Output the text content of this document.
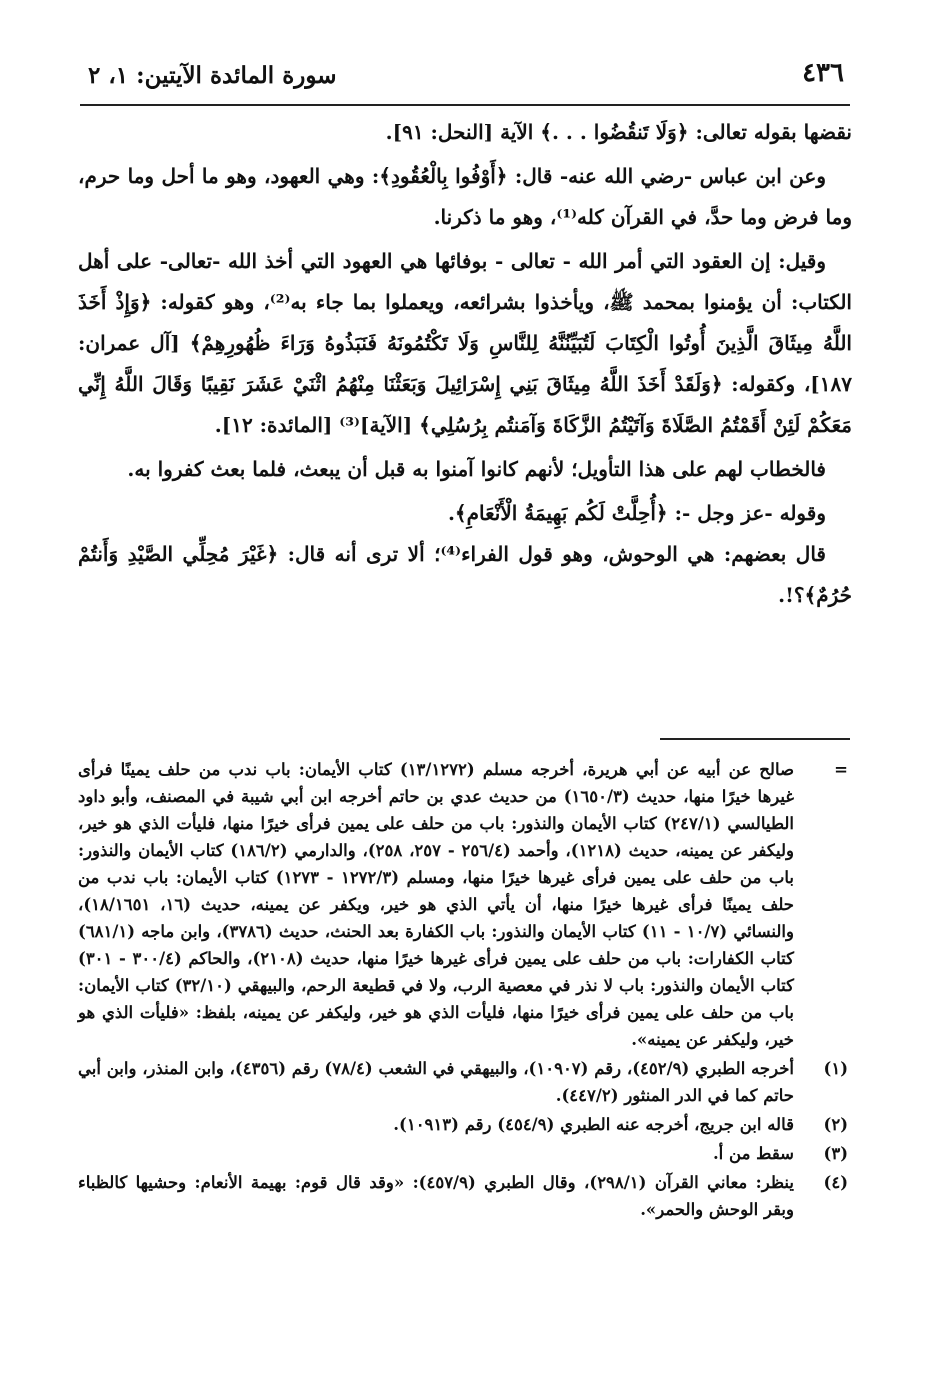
٤٣٦
سورة المائدة الآيتين: ١، ٢

نقضها بقوله تعالى: ﴿وَلَا تَنقُضُوا . . .﴾ الآية [النحل: ٩١].

وعن ابن عباس -رضي الله عنه- قال: ﴿أَوْفُوا بِالْعُقُودِ﴾: وهي العهود، وهو ما أحل وما حرم، وما فرض وما حدَّ، في القرآن كله⁽¹⁾، وهو ما ذكرنا.

وقيل: إن العقود التي أمر الله - تعالى - بوفائها هي العهود التي أخذ الله -تعالى- على أهل الكتاب: أن يؤمنوا بمحمد ﷺ، ويأخذوا بشرائعه، ويعملوا بما جاء به⁽²⁾، وهو كقوله: ﴿وَإِذْ أَخَذَ اللَّهُ مِيثَاقَ الَّذِينَ أُوتُوا الْكِتَابَ لَتُبَيِّنُنَّهُ لِلنَّاسِ وَلَا تَكْتُمُونَهُ فَنَبَذُوهُ وَرَاءَ ظُهُورِهِمْ﴾ [آل عمران: ١٨٧]، وكقوله: ﴿وَلَقَدْ أَخَذَ اللَّهُ مِيثَاقَ بَنِي إِسْرَائِيلَ وَبَعَثْنَا مِنْهُمُ اثْنَيْ عَشَرَ نَقِيبًا وَقَالَ اللَّهُ إِنِّي مَعَكُمْ لَئِنْ أَقَمْتُمُ الصَّلَاةَ وَآتَيْتُمُ الزَّكَاةَ وَآمَنتُم بِرُسُلِي﴾ [الآية]⁽³⁾ [المائدة: ١٢].

فالخطاب لهم على هذا التأويل؛ لأنهم كانوا آمنوا به قبل أن يبعث، فلما بعث كفروا به.

وقوله -عز وجل -: ﴿أُحِلَّتْ لَكُم بَهِيمَةُ الْأَنْعَامِ﴾.

قال بعضهم: هي الوحوش، وهو قول الفراء⁽⁴⁾؛ ألا ترى أنه قال: ﴿غَيْرَ مُحِلِّي الصَّيْدِ وَأَنتُمْ حُرُمٌ﴾؟!.

=
صالح عن أبيه عن أبي هريرة، أخرجه مسلم (١٣/١٢٧٢) كتاب الأيمان: باب ندب من حلف يمينًا فرأى غيرها خيرًا منها، حديث (١٦٥٠/٣) من حديث عدي بن حاتم أخرجه ابن أبي شيبة في المصنف، وأبو داود الطيالسي (٢٤٧/١) كتاب الأيمان والنذور: باب من حلف على يمين فرأى خيرًا منها، فليأت الذي هو خير، وليكفر عن يمينه، حديث (١٢١٨)، وأحمد (٢٥٦/٤ - ٢٥٧، ٢٥٨)، والدارمي (١٨٦/٢) كتاب الأيمان والنذور: باب من حلف على يمين فرأى غيرها خيرًا منها، ومسلم (١٢٧٢/٣ - ١٢٧٣) كتاب الأيمان: باب ندب من حلف يمينًا فرأى غيرها خيرًا منها، أن يأتي الذي هو خير، ويكفر عن يمينه، حديث (١٦، ١٨/١٦٥١)، والنسائي (١٠/٧ - ١١) كتاب الأيمان والنذور: باب الكفارة بعد الحنث، حديث (٣٧٨٦)، وابن ماجه (٦٨١/١) كتاب الكفارات: باب من حلف على يمين فرأى غيرها خيرًا منها، حديث (٢١٠٨)، والحاكم (٣٠٠/٤ - ٣٠١) كتاب الأيمان والنذور: باب لا نذر في معصية الرب، ولا في قطيعة الرحم، والبيهقي (٣٢/١٠) كتاب الأيمان: باب من حلف على يمين فرأى خيرًا منها، فليأت الذي هو خير، وليكفر عن يمينه، بلفظ: «فليأت الذي هو خير، وليكفر عن يمينه».
(١)
أخرجه الطبري (٤٥٢/٩)، رقم (١٠٩٠٧)، والبيهقي في الشعب (٧٨/٤) رقم (٤٣٥٦)، وابن المنذر، وابن أبي حاتم كما في الدر المنثور (٤٤٧/٢).
(٢)
قاله ابن جريج، أخرجه عنه الطبري (٤٥٤/٩) رقم (١٠٩١٣).
(٣)
سقط من أ.
(٤)
ينظر: معاني القرآن (٢٩٨/١)، وقال الطبري (٤٥٧/٩): «وقد قال قوم: بهيمة الأنعام: وحشيها كالظباء وبقر الوحش والحمر».
